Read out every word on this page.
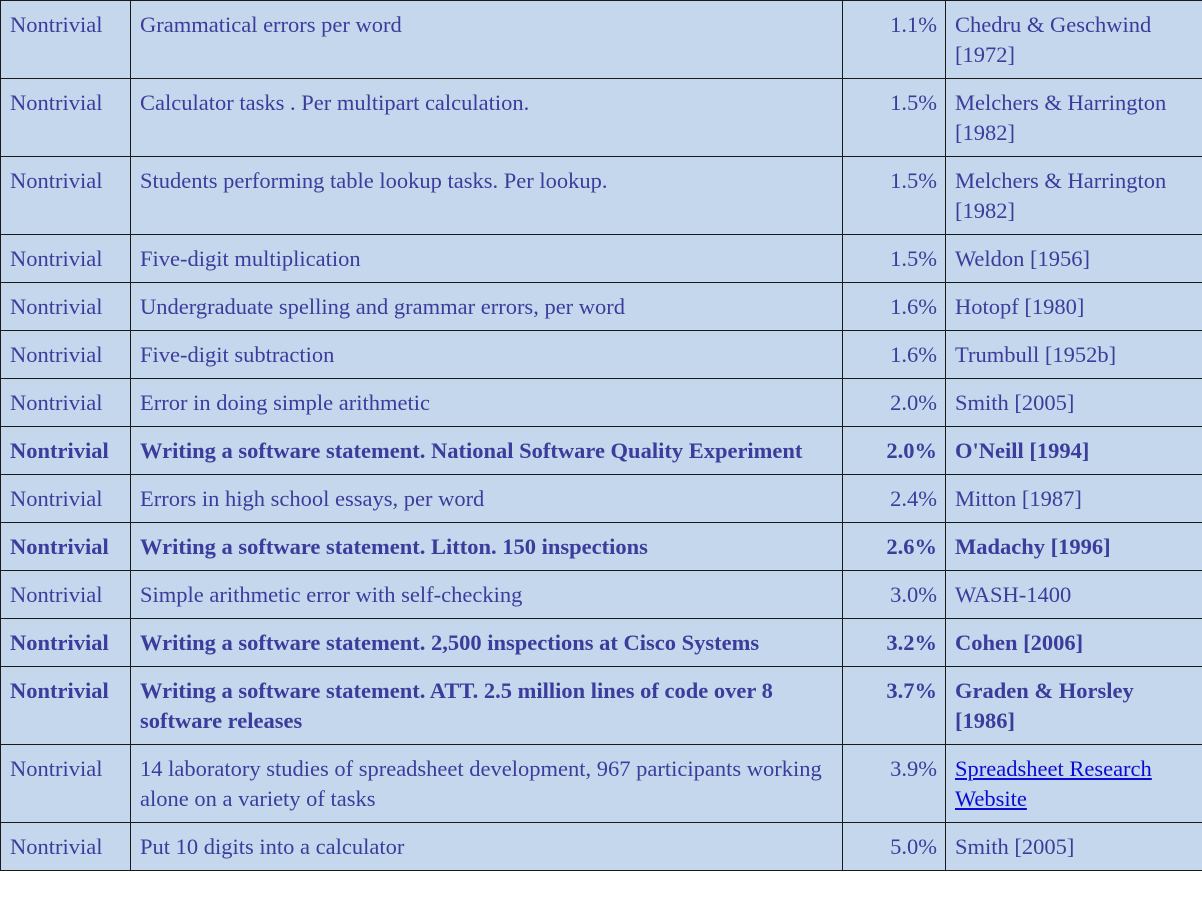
Nontrivial	Grammatical errors per word	1.1%	Chedru & Geschwind [1972]
Nontrivial	Calculator tasks . Per multipart calculation.	1.5%	Melchers & Harrington [1982]
Nontrivial	Students performing table lookup tasks. Per lookup.	1.5%	Melchers & Harrington [1982]
Nontrivial	Five-digit multiplication	1.5%	Weldon [1956]
Nontrivial	Undergraduate spelling and grammar errors, per word	1.6%	Hotopf [1980]
Nontrivial	Five-digit subtraction	1.6%	Trumbull [1952b]
Nontrivial	Error in doing simple arithmetic	2.0%	Smith [2005]
Nontrivial	Writing a software statement. National Software Quality Experiment	2.0%	O'Neill [1994]
Nontrivial	Errors in high school essays, per word	2.4%	Mitton [1987]
Nontrivial	Writing a software statement. Litton. 150 inspections	2.6%	Madachy [1996]
Nontrivial	Simple arithmetic error with self-checking	3.0%	WASH-1400
Nontrivial	Writing a software statement. 2,500 inspections at Cisco Systems	3.2%	Cohen [2006]
Nontrivial	Writing a software statement. ATT. 2.5 million lines of code over 8 software releases	3.7%	Graden & Horsley [1986]
Nontrivial	14 laboratory studies of spreadsheet development, 967 participants working alone on a variety of tasks	3.9%	Spreadsheet Research Website
Nontrivial	Put 10 digits into a calculator	5.0%	Smith [2005]
